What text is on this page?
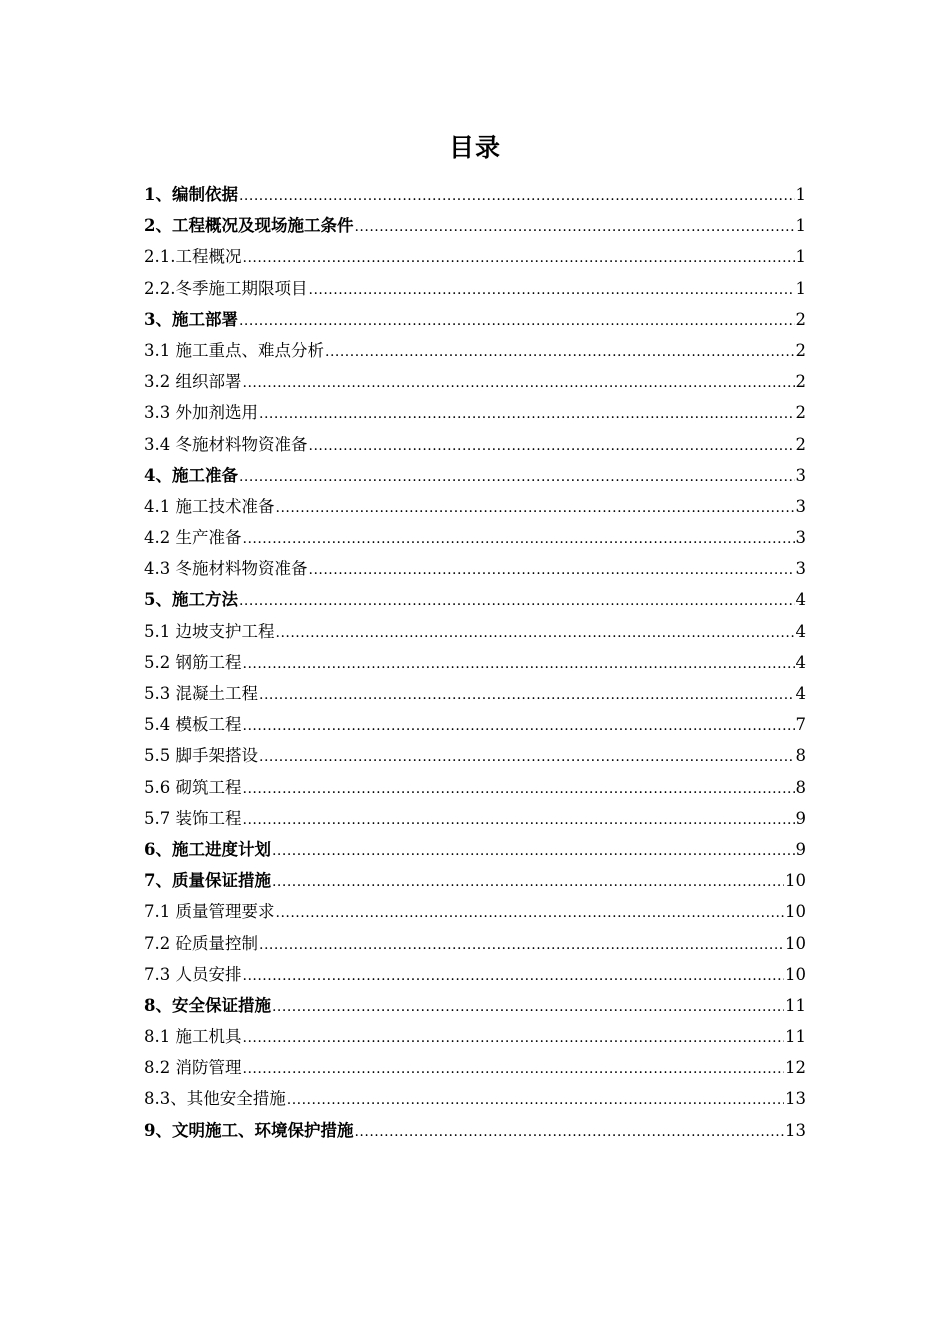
目录
1、编制依据 .....	1
2、工程概况及现场施工条件 .....	1
2.1.工程概况 .....	1
2.2.冬季施工期限项目 .....	1
3、施工部署 .....	2
3.1 施工重点、难点分析 .....	2
3.2 组织部署 .....	2
3.3 外加剂选用 .....	2
3.4 冬施材料物资准备 .....	2
4、施工准备 .....	3
4.1 施工技术准备 .....	3
4.2 生产准备 .....	3
4.3 冬施材料物资准备 .....	3
5、施工方法 .....	4
5.1 边坡支护工程 .....	4
5.2 钢筋工程 .....	4
5.3 混凝土工程 .....	4
5.4 模板工程 .....	7
5.5 脚手架搭设 .....	8
5.6 砌筑工程 .....	8
5.7 装饰工程 .....	9
6、施工进度计划 .....	9
7、质量保证措施 .....	10
7.1 质量管理要求 .....	10
7.2 砼质量控制 .....	10
7.3 人员安排 .....	10
8、安全保证措施 .....	11
8.1 施工机具 .....	11
8.2 消防管理 .....	12
8.3、其他安全措施 .....	13
9、文明施工、环境保护措施 .....	13
